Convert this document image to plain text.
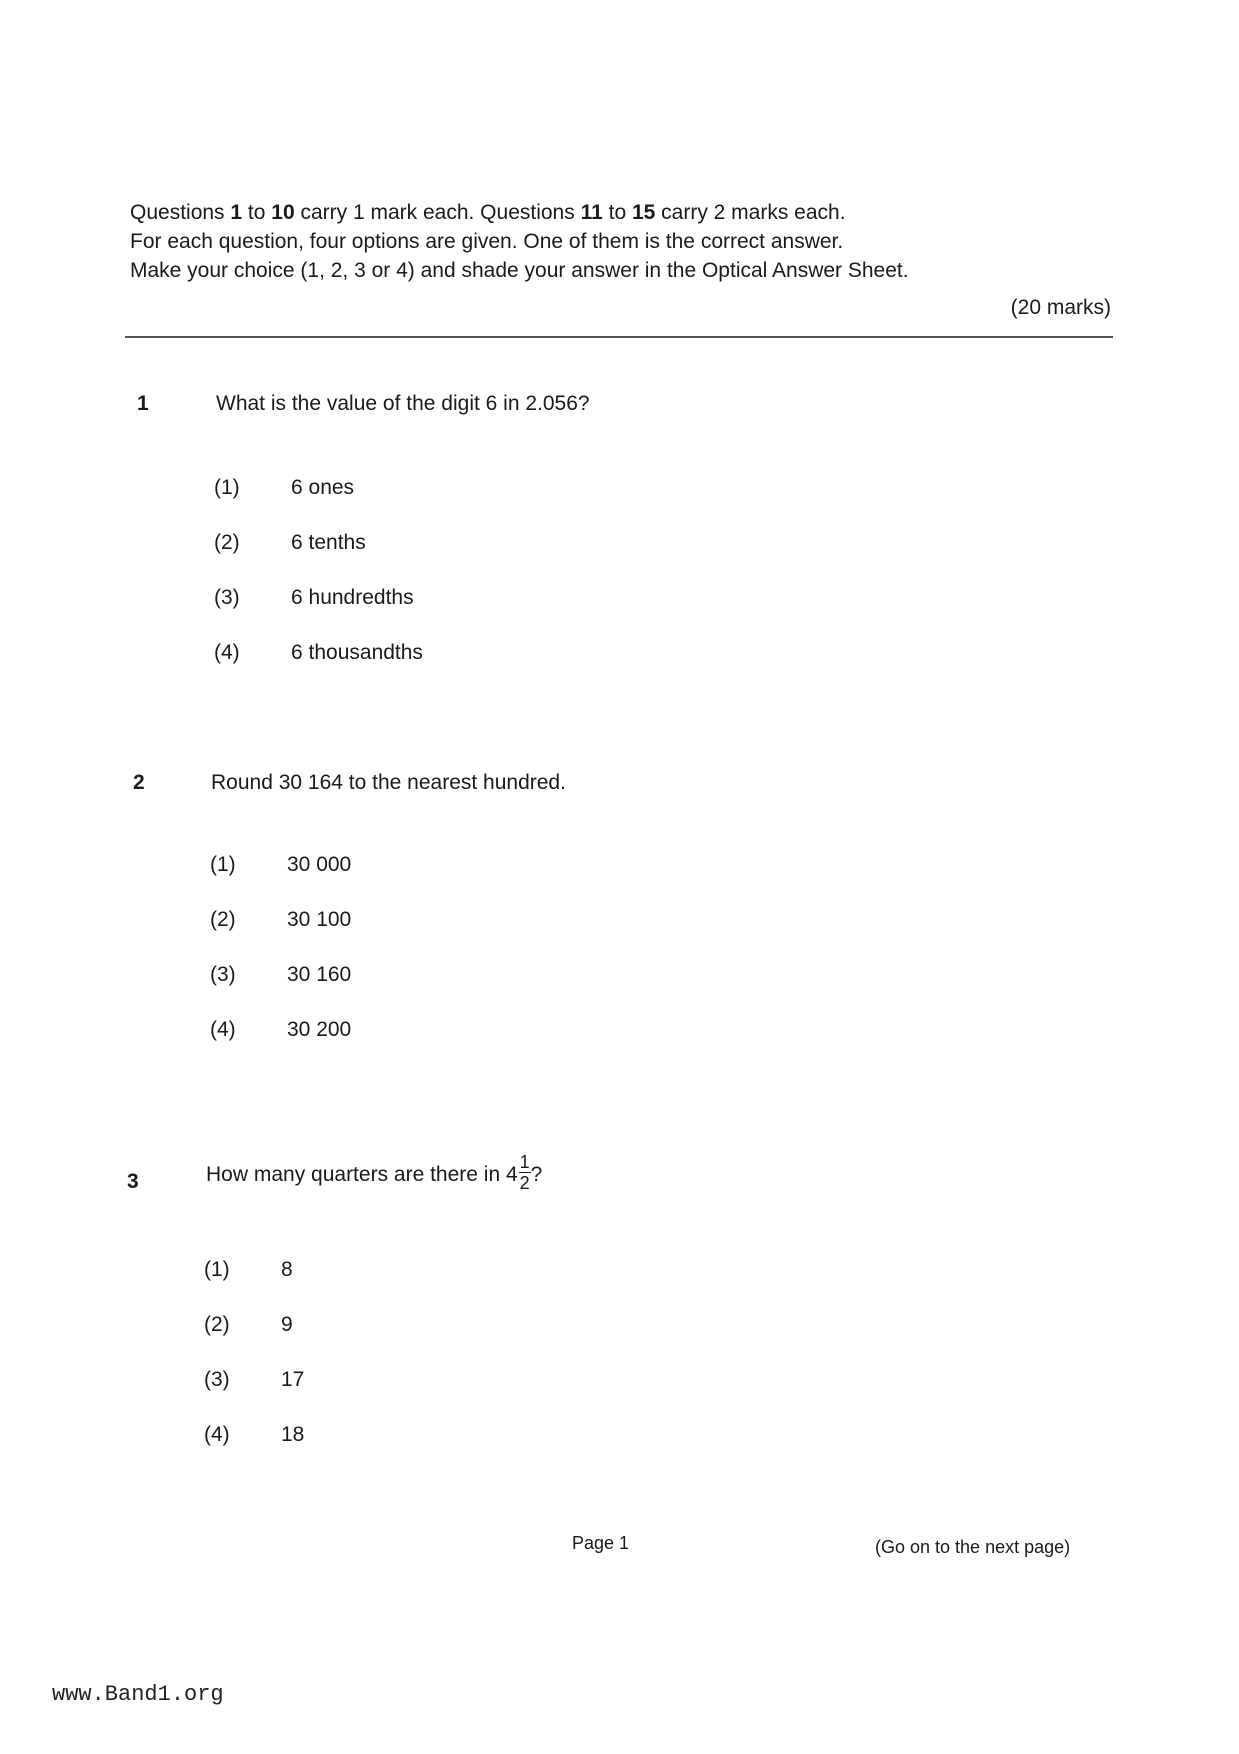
Questions 1 to 10 carry 1 mark each. Questions 11 to 15 carry 2 marks each.
For each question, four options are given. One of them is the correct answer.
Make your choice (1, 2, 3 or 4) and shade your answer in the Optical Answer Sheet.
(20 marks)
1	What is the value of the digit 6 in 2.056?
(1) 6 ones
(2) 6 tenths
(3) 6 hundredths
(4) 6 thousandths
2	Round 30 164 to the nearest hundred.
(1) 30 000
(2) 30 100
(3) 30 160
(4) 30 200
3	How many quarters are there in $4 \frac{1}{2}$ ?
(1) 8
(2) 9
(3) 17
(4) 18
Page 1	(Go on to the next page)
www.Band1.org
